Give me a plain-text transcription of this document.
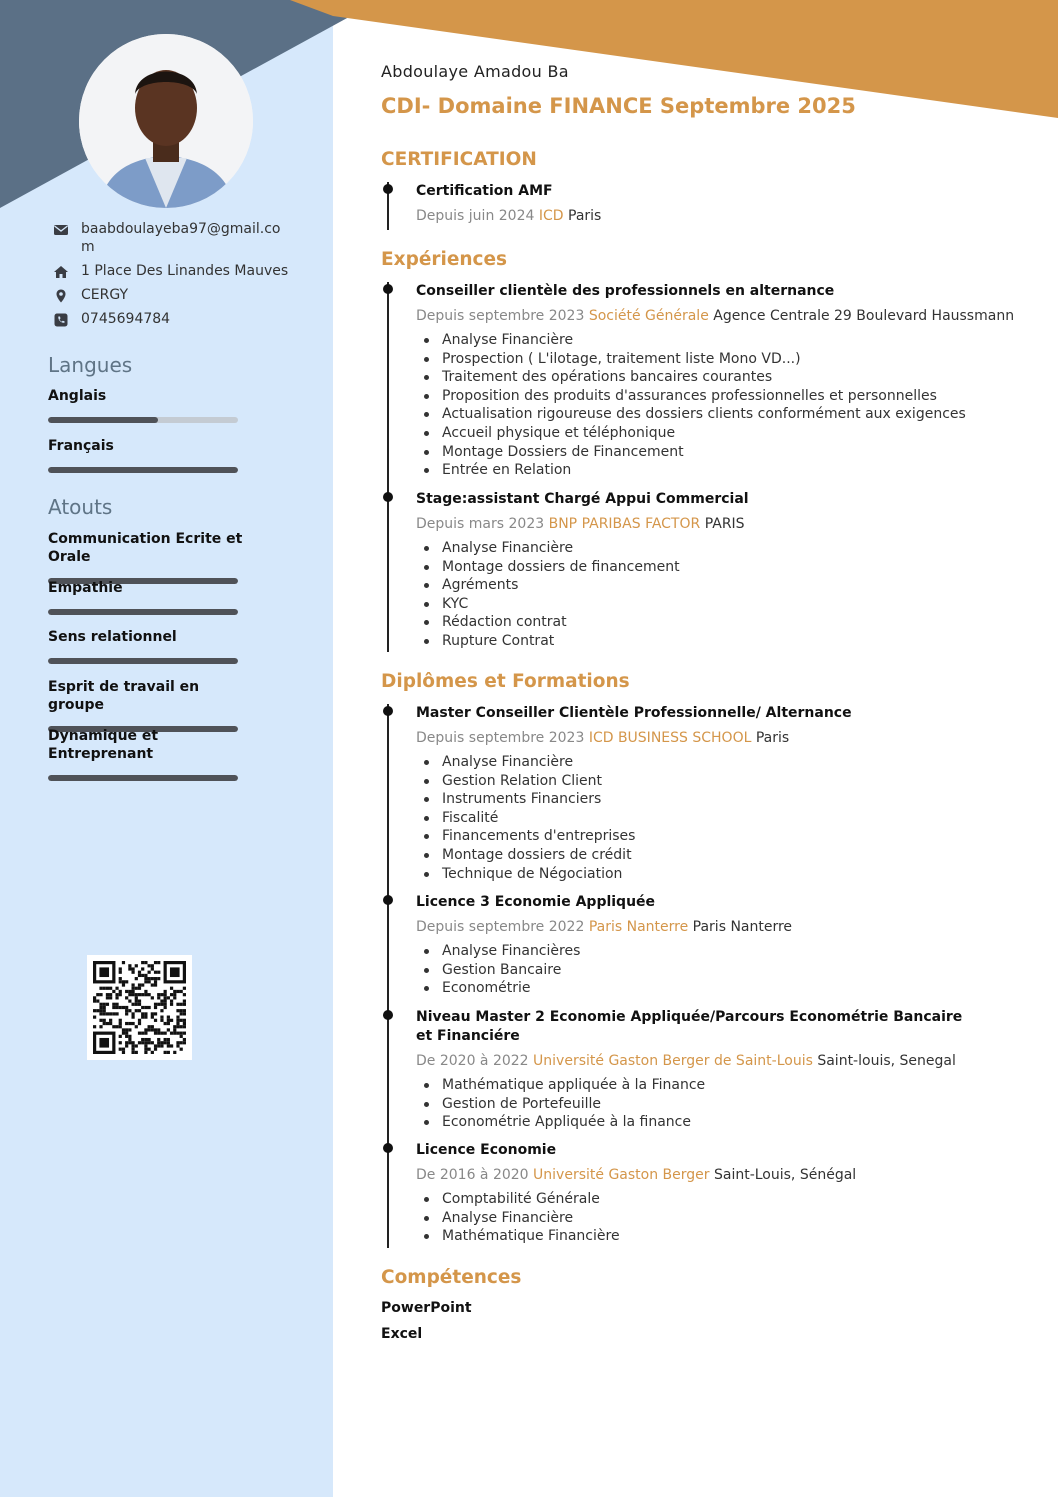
baabdoulayeba97@gmail.com
1 Place Des Linandes Mauves
CERGY
0745694784
Langues
Anglais
Français
Atouts
Communication Ecrite et Orale
Empathie
Sens relationnel
Esprit de travail en groupe
Dynamique et Entreprenant
Abdoulaye Amadou Ba
CDI- Domaine FINANCE Septembre 2025
CERTIFICATION
Certification AMF
Depuis juin 2024 ICD Paris
Expériences
Conseiller clientèle des professionnels en alternance
Depuis septembre 2023 Société Générale Agence Centrale 29 Boulevard Haussmann
Analyse Financière
Prospection ( L'ilotage, traitement liste Mono VD...)
Traitement des opérations bancaires courantes
Proposition des produits d'assurances professionnelles et personnelles
Actualisation rigoureuse des dossiers clients conformément aux exigences
Accueil physique et téléphonique
Montage Dossiers de Financement
Entrée en Relation
Stage:assistant Chargé Appui Commercial
Depuis mars 2023 BNP PARIBAS FACTOR PARIS
Analyse Financière
Montage dossiers de financement
Agréments
KYC
Rédaction contrat
Rupture Contrat
Diplômes et Formations
Master Conseiller Clientèle Professionnelle/ Alternance
Depuis septembre 2023 ICD BUSINESS SCHOOL Paris
Analyse Financière
Gestion Relation Client
Instruments Financiers
Fiscalité
Financements d'entreprises
Montage dossiers de crédit
Technique de Négociation
Licence 3 Economie Appliquée
Depuis septembre 2022 Paris Nanterre Paris Nanterre
Analyse Financières
Gestion Bancaire
Econométrie
Niveau Master 2 Economie Appliquée/Parcours Econométrie Bancaire et Financiére
De 2020 à 2022 Université Gaston Berger de Saint-Louis Saint-louis, Senegal
Mathématique appliquée à la Finance
Gestion de Portefeuille
Econométrie Appliquée à la finance
Licence Economie
De 2016 à 2020 Université Gaston Berger Saint-Louis, Sénégal
Comptabilité Générale
Analyse Financière
Mathématique Financière
Compétences
PowerPoint
Excel
